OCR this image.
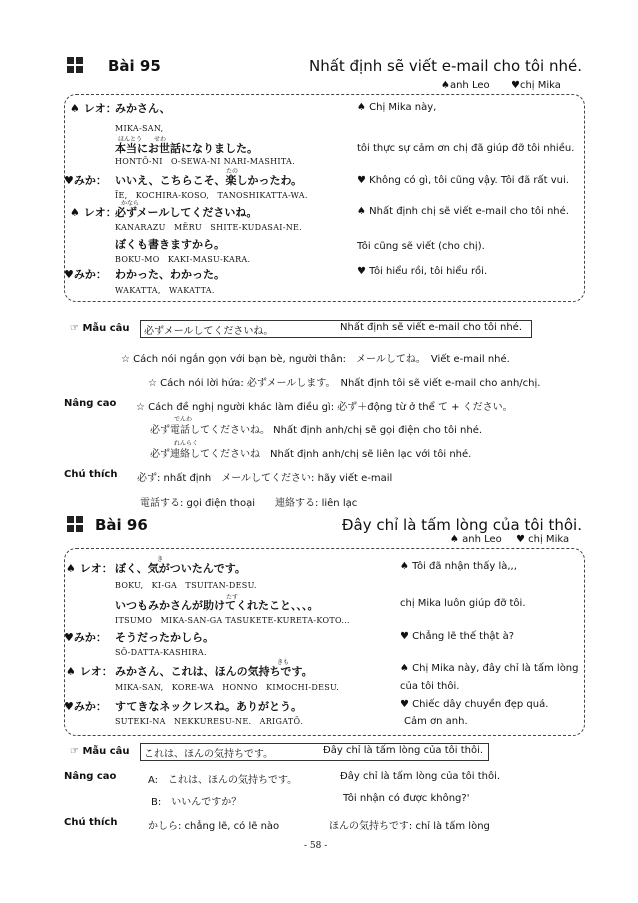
Bài 95	Nhất định sẽ viết e-mail cho tôi nhé.
♠anh Leo ♥chị Mika
♠ レオ：
みかさん、
MIKA‐SAN,
♠ Chị Mika này,
ほんとう　　せわ
本当にお世話になりました。
HONTŌ‐NI　O‐SEWA‐NI NARI‐MASHITA.
tôi thực sự cảm ơn chị đã giúp đỡ tôi nhiều.
たの
♥みか： いいえ、こちらこそ、楽しかったわ。
ĪE,　KOCHIRA‐KOSO,　TANOSHIKATTA‐WA.
♥ Không có gì, tôi cũng vậy. Tôi đã rất vui.
かなら
♠ レオ：
必ずメールしてくださいね。
KANARAZU　MĒRU　SHITE‐KUDASAI‐NE.
♠ Nhất định chị sẽ viết e-mail cho tôi nhé.
ぼくも書きますから。
BOKU‐MO　KAKI‐MASU‐KARA.
Tôi cũng sẽ viết (cho chị).
♥みか： わかった、わかった。
WAKATTA,　WAKATTA.
♥ Tôi hiểu rồi, tôi hiểu rồi.
☞ Mẫu câu	必ずメールしてくださいね。	Nhất định sẽ viết e-mail cho tôi nhé.
☆ Cách nói ngắn gọn với bạn bè, người thân:　メールしてね。　Viết e-mail nhé.
☆ Cách nói lời hứa: 必ずメールします。　Nhất định tôi sẽ viết e-mail cho anh/chị.
Nâng cao ☆ Cách đề nghị người khác làm điều gì: 必ず＋động từ ở thể て + ください。
でんわ
必ず電話してくださいね。 Nhất định anh/chị sẽ gọi điện cho tôi nhé.
れんらく
必ず連絡してくださいね　Nhất định anh/chị sẽ liên lạc với tôi nhé.
Chú thích 必ず: nhất định　メールしてください: hãy viết e-mail
電話する: gọi điện thoại　　連絡する: liên lạc
Bài 96	Đây chỉ là tấm lòng của tôi thôi.
♠ anh Leo ♥ chị Mika
き
♠ レオ： ぼく、気がついたんです。
BOKU,　KI‐GA　TSUITAN‐DESU.
♠ Tôi đã nhận thấy là,,,
たす
いつもみかさんが助けてくれたこと、、、。
ITSUMO　MIKA‐SAN‐GA TASUKETE‐KURETA‐KOTO...
chị Mika luôn giúp đỡ tôi.
♥みか： そうだったかしら。
SŌ‐DATTA‐KASHIRA.
♥ Chẳng lẽ thế thật à?
きも
♠ レオ： みかさん、これは、ほんの気持ちです。
MIKA‐SAN,　KORE‐WA　HONNO　KIMOCHI‐DESU.
♠ Chị Mika này, đây chỉ là tấm lòng
của tôi thôi.
♥みか： すてきなネックレスね。ありがとう。
SUTEKI‐NA　NEKKURESU‐NE.　ARIGATŌ.
♥ Chiếc dây chuyền đẹp quá.
Cảm ơn anh.
☞ Mẫu câu	これは、ほんの気持ちです。	Đây chỉ là tấm lòng của tôi thôi.
Nâng cao	A:　これは、ほんの気持ちです。	Đây chỉ là tấm lòng của tôi thôi.
B:　いいんですか？	Tôi nhận có được không?'
Chú thích	かしら: chẳng lẽ, có lẽ nào	ほんの気持ちです: chỉ là tấm lòng
- 58 -
